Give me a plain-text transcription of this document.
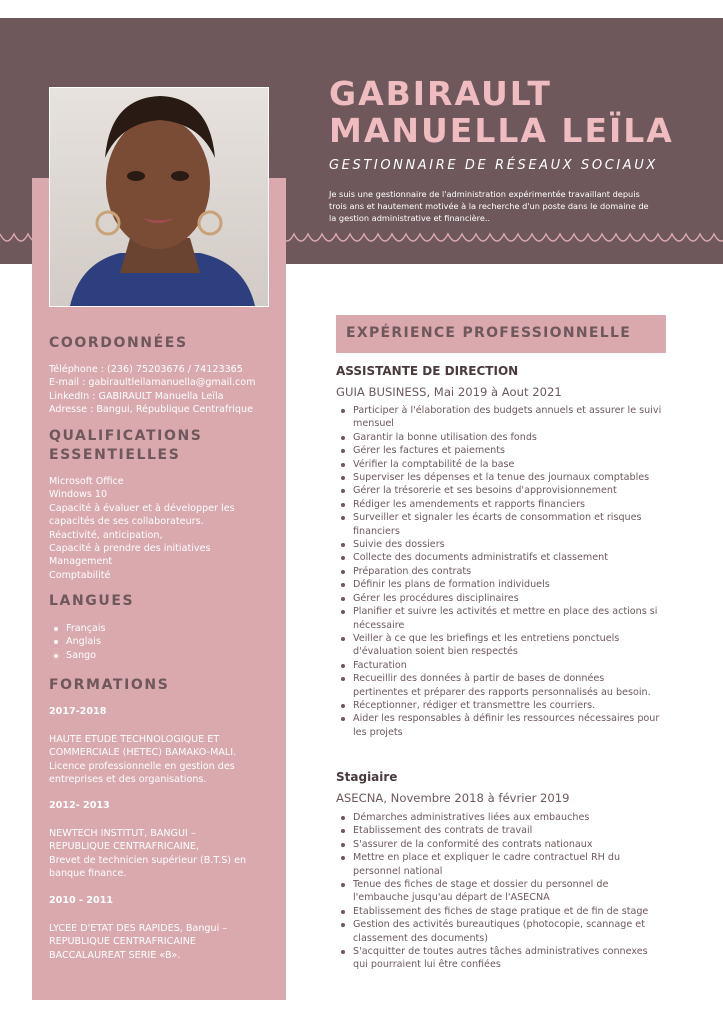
GABIRAULT
MANUELLA LEÏLA
GESTIONNAIRE DE RÉSEAUX SOCIAUX
Je suis une gestionnaire de l'administration expérimentée travaillant depuis trois ans et hautement motivée à la recherche d'un poste dans le domaine de la gestion administrative et financière..
COORDONNÉES
Téléphone : (236) 75203676 / 74123365
E-mail : gabiraultleilamanuella@gmail.com
LinkedIn : GABIRAULT Manuella Leïla
Adresse : Bangui, République Centrafrique
QUALIFICATIONS
ESSENTIELLES
Microsoft Office
Windows 10
Capacité à évaluer et à développer les
capacités de ses collaborateurs.
Réactivité, anticipation,
Capacité à prendre des initiatives
Management
Comptabilité
LANGUES
Français
Anglais
Sango
FORMATIONS
2017-2018
HAUTE ETUDE TECHNOLOGIQUE ET
COMMERCIALE (HETEC) BAMAKO-MALI.
Licence professionnelle en gestion des
entreprises et des organisations.
2012- 2013
NEWTECH INSTITUT, BANGUI –
REPUBLIQUE CENTRAFRICAINE,
Brevet de technicien supérieur (B.T.S) en
banque finance.
2010 - 2011
LYCEE D'ETAT DES RAPIDES, Bangui –
REPUBLIQUE CENTRAFRICAINE
BACCALAUREAT SERIE «B».
EXPÉRIENCE PROFESSIONNELLE
ASSISTANTE DE DIRECTION
GUIA BUSINESS, Mai 2019 à Aout 2021
Participer à l'élaboration des budgets annuels et assurer le suivi
mensuel
Garantir la bonne utilisation des fonds
Gérer les factures et paiements
Vérifier la comptabilité de la base
Superviser les dépenses et la tenue des journaux comptables
Gérer la trésorerie et ses besoins d'approvisionnement
Rédiger les amendements et rapports financiers
Surveiller et signaler les écarts de consommation et risques
financiers
Suivie des dossiers
Collecte des documents administratifs et classement
Préparation des contrats
Définir les plans de formation individuels
Gérer les procédures disciplinaires
Planifier et suivre les activités et mettre en place des actions si
nécessaire
Veiller à ce que les briefings et les entretiens ponctuels
d'évaluation soient bien respectés
Facturation
Recueillir des données à partir de bases de données
pertinentes et préparer des rapports personnalisés au besoin.
Réceptionner, rédiger et transmettre les courriers.
Aider les responsables à définir les ressources nécessaires pour
les projets
Stagiaire
ASECNA, Novembre 2018 à février 2019
Démarches administratives liées aux embauches
Etablissement des contrats de travail
S'assurer de la conformité des contrats nationaux
Mettre en place et expliquer le cadre contractuel RH du
personnel national
Tenue des fiches de stage et dossier du personnel de
l'embauche jusqu'au départ de l'ASECNA
Etablissement des fiches de stage pratique et de fin de stage
Gestion des activités bureautiques (photocopie, scannage et
classement des documents)
S'acquitter de toutes autres tâches administratives connexes
qui pourraient lui être confiées
